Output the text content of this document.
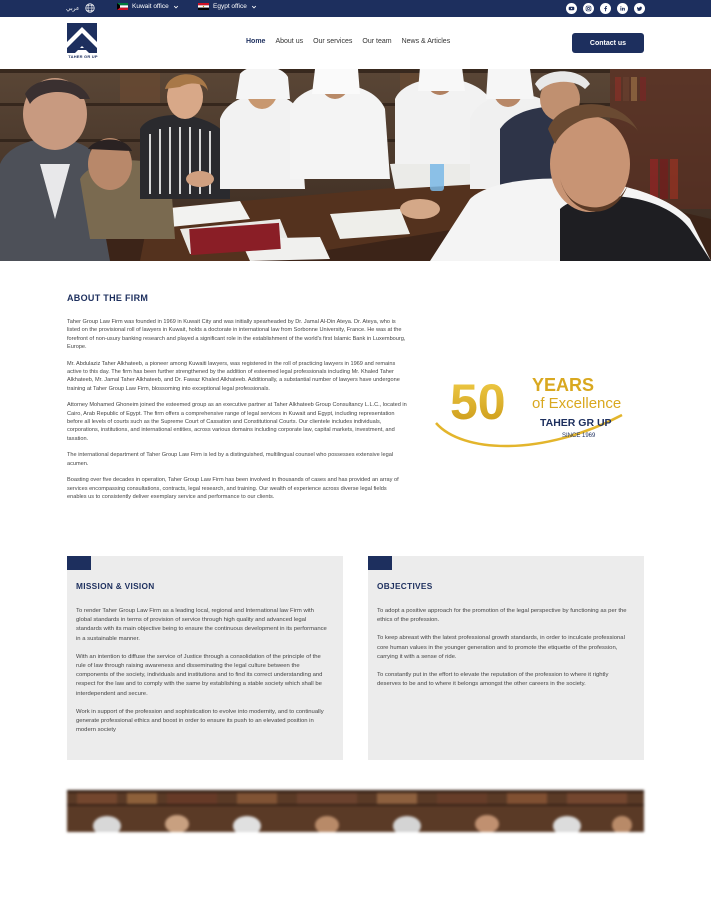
عربي	Kuwait office	Egypt office
TAHER GR UP
Home About us Our services Our team News & Articles	Contact us
ABOUT THE FIRM

Taher Group Law Firm was founded in 1969 in Kuwait City and was initially spearheaded by Dr. Jamal Al-Din Ateya. Dr. Ateya, who is listed on the provisional roll of lawyers in Kuwait, holds a doctorate in international law from Sorbonne University, France. He was at the forefront of non-usury banking research and played a significant role in the establishment of the world's first Islamic Bank in Luxembourg, Europe.

Mr. Abdulaziz Taher Alkhateeb, a pioneer among Kuwaiti lawyers, was registered in the roll of practicing lawyers in 1969 and remains active to this day. The firm has been further strengthened by the addition of esteemed legal professionals including Mr. Khaled Taher Alkhateeb, Mr. Jamal Taher Alkhateeb, and Dr. Fawaz Khaled Alkhateeb. Additionally, a substantial number of lawyers have undergone training at Taher Group Law Firm, blossoming into exceptional legal professionals.

Attorney Mohamed Ghoneim joined the esteemed group as an executive partner at Taher Alkhateeb Group Consultancy L.L.C., located in Cairo, Arab Republic of Egypt. The firm offers a comprehensive range of legal services in Kuwait and Egypt, including representation before all levels of courts such as the Supreme Court of Cassation and Constitutional Courts. Our clientele includes individuals, corporations, institutions, and international entities, across various domains including corporate law, capital markets, investment, and taxation.

The international department of Taher Group Law Firm is led by a distinguished, multilingual counsel who possesses extensive legal acumen.

Boasting over five decades in operation, Taher Group Law Firm has been involved in thousands of cases and has provided an array of services encompassing consultations, contracts, legal research, and training. Our wealth of experience across diverse legal fields enables us to consistently deliver exemplary service and performance to our clients.

50 YEARS
of Excellence
TAHER GR UP
SINCE 1969
MISSION & VISION

To render Taher Group Law Firm as a leading local, regional and International law Firm with global standards in terms of provision of service through high quality and advanced legal standards with its main objective being to ensure the continuous development in its performance in a sustainable manner.

With an intention to diffuse the service of Justice through a consolidation of the principle of the rule of law through raising awareness and disseminating the legal culture between the components of the society, individuals and institutions and to find its correct understanding and respect for the law and to comply with the same by establishing a stable society which shall be interdependent and secure.

Work in support of the profession and sophistication to evolve into modernity, and to continually generate professional ethics and boost in order to ensure its push to an elevated position in modern society

OBJECTIVES

To adopt a positive approach for the promotion of the legal perspective by functioning as per the ethics of the profession.

To keep abreast with the latest professional growth standards, in order to inculcate professional core human values in the younger generation and to promote the etiquette of the profession, carrying it with a sense of ride.

To constantly put in the effort to elevate the reputation of the profession to where it rightly deserves to be and to where it belongs amongst the other careers in the society.
